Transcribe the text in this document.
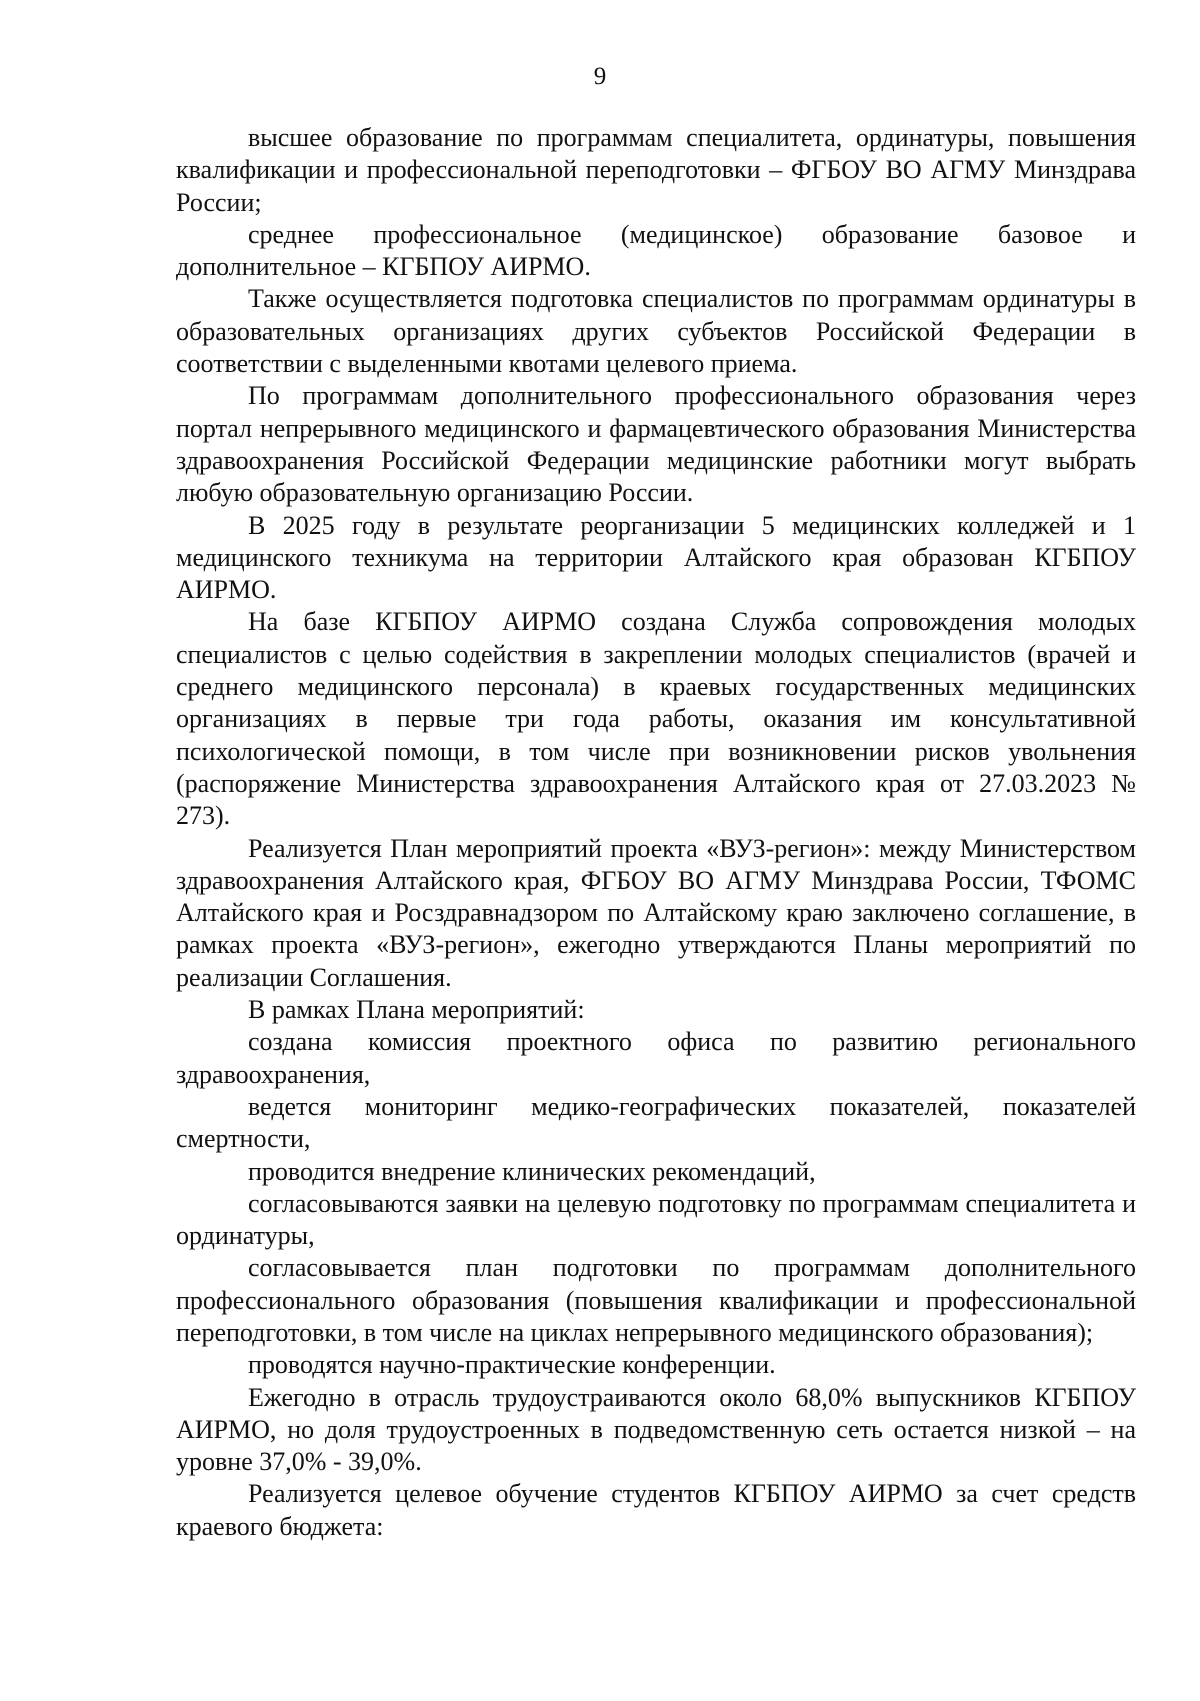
9

высшее образование по программам специалитета, ординатуры, повышения квалификации и профессиональной переподготовки – ФГБОУ ВО АГМУ Минздрава России;

среднее профессиональное (медицинское) образование базовое и дополнительное – КГБПОУ АИРМО.

Также осуществляется подготовка специалистов по программам ординатуры в образовательных организациях других субъектов Российской Федерации в соответствии с выделенными квотами целевого приема.

По программам дополнительного профессионального образования через портал непрерывного медицинского и фармацевтического образования Министерства здравоохранения Российской Федерации медицинские работники могут выбрать любую образовательную организацию России.

В 2025 году в результате реорганизации 5 медицинских колледжей и 1 медицинского техникума на территории Алтайского края образован КГБПОУ АИРМО.

На базе КГБПОУ АИРМО создана Служба сопровождения молодых специалистов с целью содействия в закреплении молодых специалистов (врачей и среднего медицинского персонала) в краевых государственных медицинских организациях в первые три года работы, оказания им консультативной психологической помощи, в том числе при возникновении рисков увольнения (распоряжение Министерства здравоохранения Алтайского края от 27.03.2023 № 273).

Реализуется План мероприятий проекта «ВУЗ-регион»: между Министерством здравоохранения Алтайского края, ФГБОУ ВО АГМУ Минздрава России, ТФОМС Алтайского края и Росздравнадзором по Алтайскому краю заключено соглашение, в рамках проекта «ВУЗ-регион», ежегодно утверждаются Планы мероприятий по реализации Соглашения.

В рамках Плана мероприятий:

создана комиссия проектного офиса по развитию регионального здравоохранения,

ведется мониторинг медико-географических показателей, показателей смертности,

проводится внедрение клинических рекомендаций,

согласовываются заявки на целевую подготовку по программам специалитета и ординатуры,

согласовывается план подготовки по программам дополнительного профессионального образования (повышения квалификации и профессиональной переподготовки, в том числе на циклах непрерывного медицинского образования);

проводятся научно-практические конференции.

Ежегодно в отрасль трудоустраиваются около 68,0% выпускников КГБПОУ АИРМО, но доля трудоустроенных в подведомственную сеть остается низкой – на уровне 37,0% - 39,0%.

Реализуется целевое обучение студентов КГБПОУ АИРМО за счет средств краевого бюджета:
